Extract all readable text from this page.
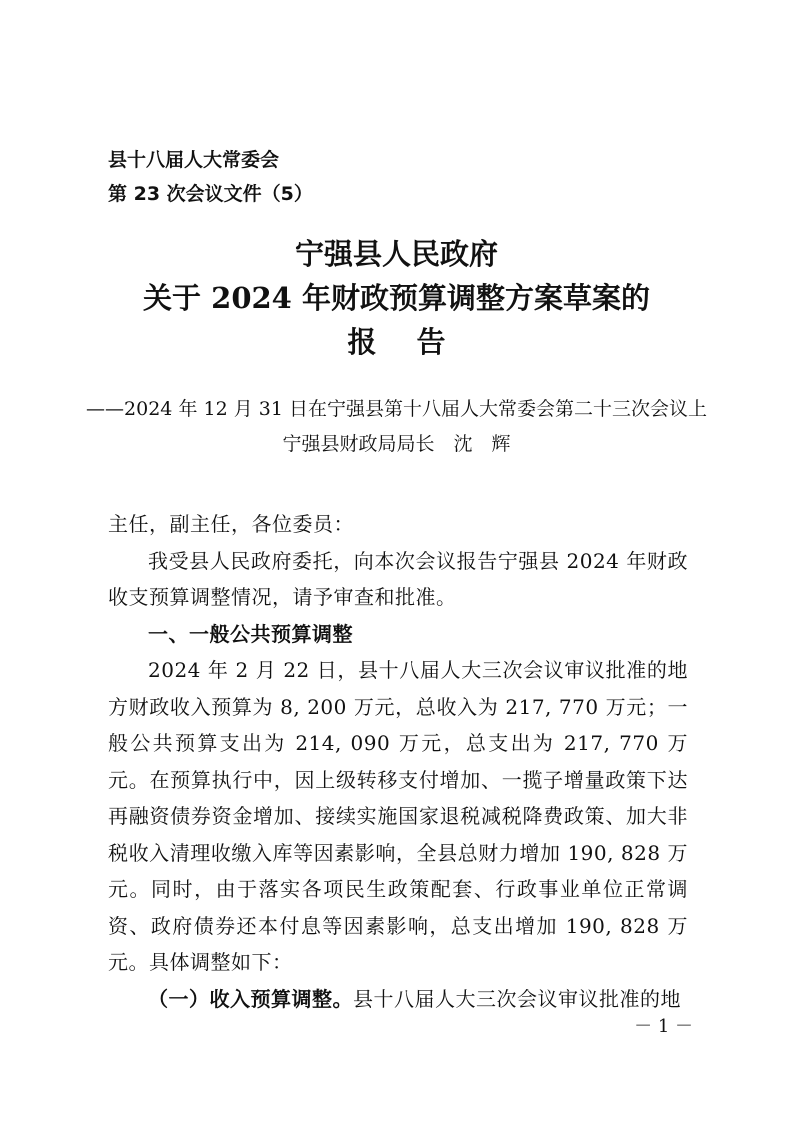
县十八届人大常委会
第 23 次会议文件（5）
宁强县人民政府
关于 2024 年财政预算调整方案草案的
报告
——2024 年 12 月 31 日在宁强县第十八届人大常委会第二十三次会议上
宁强县财政局局长　沈　辉

主任，副主任，各位委员：

我受县人民政府委托，向本次会议报告宁强县 2024 年财政收支预算调整情况，请予审查和批准。

一、一般公共预算调整

2024 年 2 月 22 日，县十八届人大三次会议审议批准的地方财政收入预算为 8, 200 万元，总收入为 217, 770 万元；一般公共预算支出为 214, 090 万元，总支出为 217, 770 万元。在预算执行中，因上级转移支付增加、一揽子增量政策下达再融资债券资金增加、接续实施国家退税减税降费政策、加大非税收入清理收缴入库等因素影响，全县总财力增加 190, 828 万元。同时，由于落实各项民生政策配套、行政事业单位正常调资、政府债券还本付息等因素影响，总支出增加 190, 828 万元。具体调整如下：

（一）收入预算调整。县十八届人大三次会议审议批准的地

－ 1 －
